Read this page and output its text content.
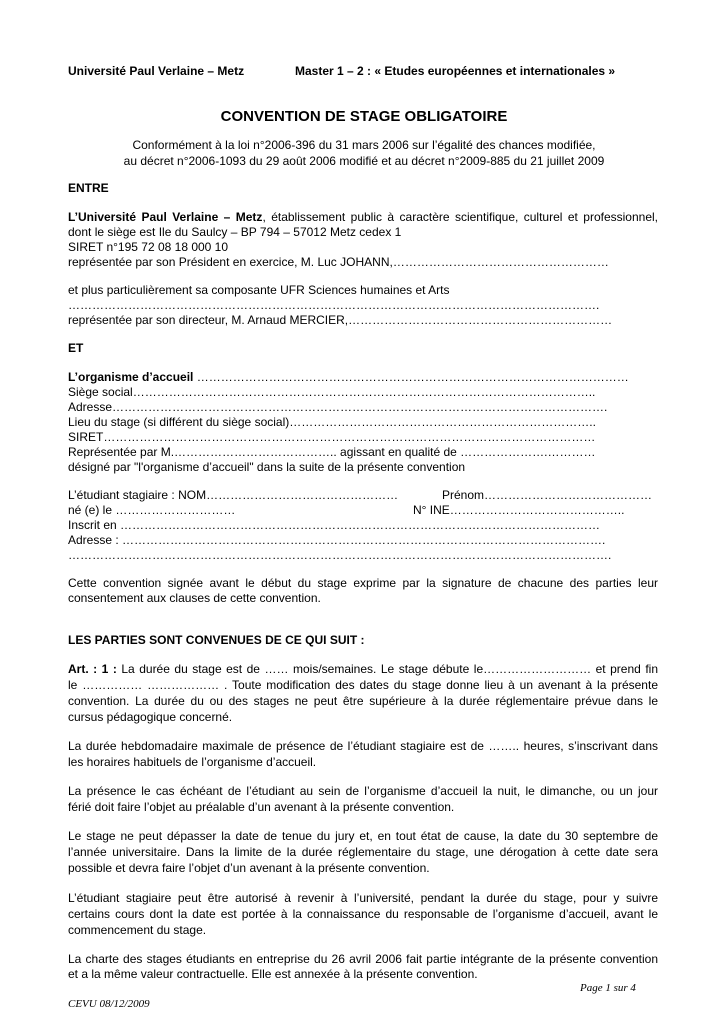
Université Paul Verlaine – Metz	Master 1 – 2 : « Etudes européennes et internationales »
CONVENTION DE STAGE OBLIGATOIRE
Conformément à la loi n°2006-396 du 31 mars 2006 sur l’égalité des chances modifiée,
au décret n°2006-1093 du 29 août 2006 modifié et au décret n°2009-885 du 21 juillet 2009
ENTRE
L’Université Paul Verlaine – Metz, établissement public à caractère scientifique, culturel et professionnel,
dont le siège est Ile du Saulcy – BP 794 – 57012 Metz cedex 1
SIRET n°195 72 08 18 000 10
représentée par son Président en exercice, M. Luc JOHANN,………………………………………………
et plus particulièrement sa composante UFR Sciences humaines et Arts
…………………………………………………………………………………………………………………….
représentée par son directeur, M. Arnaud MERCIER,…………………………………………………………
ET
L’organisme d’accueil ………………………………………………………………………………………………
Siège social……………………………………………………………………………………………………..
Adresse…………………………………………………………………………………………………………….
Lieu du stage (si différent du siège social)…………………………………………………………………..
SIRET……………………………………………………………………………………………………………
Représentée par M.………………………………….. agissant en qualité de ………………….…………
désigné par "l'organisme d’accueil" dans la suite de la présente convention
L’étudiant stagiaire : NOM…………………………………………	Prénom……………………………………
né (e) le …………………………	N° INE……………………………………..
Inscrit en …………………………………………………………………………………………………………
Adresse : ………………………………………………………………………………………………………….
……………………………………………………………………………………………………………………….
Cette convention signée avant le début du stage exprime par la signature de chacune des parties leur
consentement aux clauses de cette convention.
LES PARTIES SONT CONVENUES DE CE QUI SUIT :
Art. : 1 : La durée du stage est de …… mois/semaines. Le stage débute le……………………… et prend fin
le …………… ……………… . Toute modification des dates du stage donne lieu à un avenant à la présente
convention. La durée du ou des stages ne peut être supérieure à la durée réglementaire prévue dans le
cursus pédagogique concerné.
La durée hebdomadaire maximale de présence de l’étudiant stagiaire est de …….. heures, s’inscrivant dans
les horaires habituels de l’organisme d’accueil.
La présence le cas échéant de l’étudiant au sein de l’organisme d’accueil la nuit, le dimanche, ou un jour
férié doit faire l’objet au préalable d’un avenant à la présente convention.
Le stage ne peut dépasser la date de tenue du jury et, en tout état de cause, la date du 30 septembre de
l’année universitaire. Dans la limite de la durée réglementaire du stage, une dérogation à cette date sera
possible et devra faire l’objet d’un avenant à la présente convention.
L’étudiant stagiaire peut être autorisé à revenir à l’université, pendant la durée du stage, pour y suivre
certains cours dont la date est portée à la connaissance du responsable de l’organisme d’accueil, avant le
commencement du stage.
La charte des stages étudiants en entreprise du 26 avril 2006 fait partie intégrante de la présente convention
et a la même valeur contractuelle. Elle est annexée à la présente convention.
Page 1 sur 4
CEVU 08/12/2009
